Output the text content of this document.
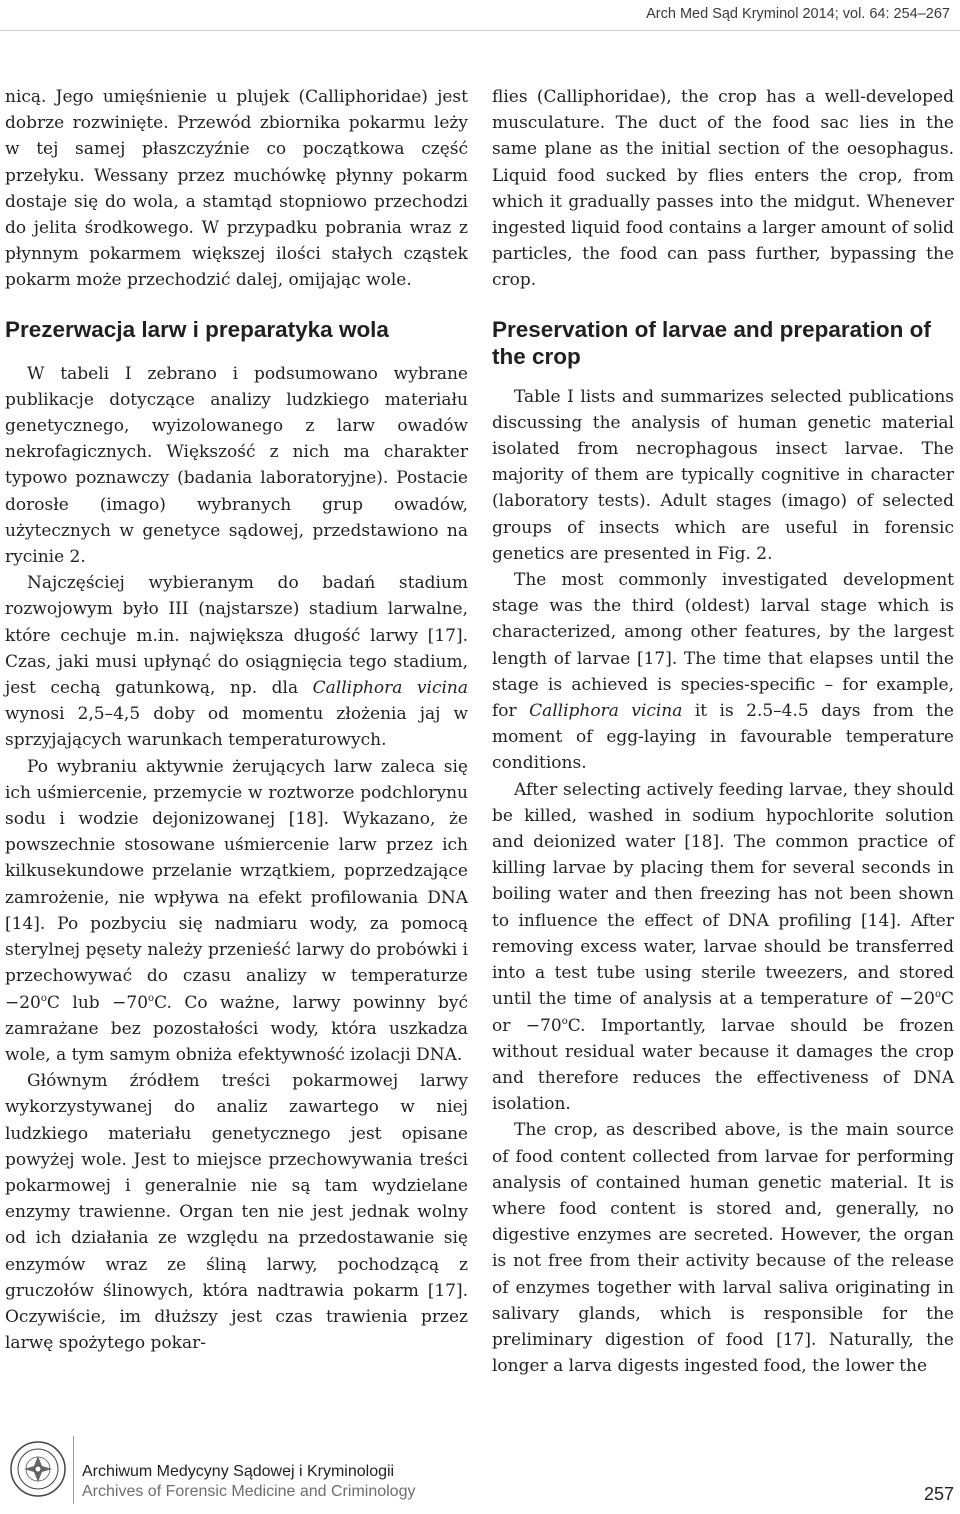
Arch Med Sąd Kryminol 2014; vol. 64: 254–267

nicą. Jego umięśnienie u plujek (Calliphoridae) jest dobrze rozwinięte. Przewód zbiornika pokarmu leży w tej samej płaszczyźnie co początkowa część przełyku. Wessany przez muchówkę płynny pokarm dostaje się do wola, a stamtąd stopniowo przechodzi do jelita środkowego. W przypadku pobrania wraz z płynnym pokarmem większej ilości stałych cząstek pokarm może przechodzić dalej, omijając wole.

Prezerwacja larw i preparatyka wola

W tabeli I zebrano i podsumowano wybrane publikacje dotyczące analizy ludzkiego materiału genetycznego, wyizolowanego z larw owadów nekrofagicznych. Większość z nich ma charakter typowo poznawczy (badania laboratoryjne). Postacie dorosłe (imago) wybranych grup owadów, użytecznych w genetyce sądowej, przedstawiono na rycinie 2.

Najczęściej wybieranym do badań stadium rozwojowym było III (najstarsze) stadium larwalne, które cechuje m.in. największa długość larwy [17]. Czas, jaki musi upłynąć do osiągnięcia tego stadium, jest cechą gatunkową, np. dla Calliphora vicina wynosi 2,5–4,5 doby od momentu złożenia jaj w sprzyjających warunkach temperaturowych.

Po wybraniu aktywnie żerujących larw zaleca się ich uśmiercenie, przemycie w roztworze podchlorynu sodu i wodzie dejonizowanej [18]. Wykazano, że powszechnie stosowane uśmiercenie larw przez ich kilkusekundowe przelanie wrzątkiem, poprzedzające zamrożenie, nie wpływa na efekt profilowania DNA [14]. Po pozbyciu się nadmiaru wody, za pomocą sterylnej pęsety należy przenieść larwy do probówki i przechowywać do czasu analizy w temperaturze $-20^oC$ lub $-70^oC$. Co ważne, larwy powinny być zamrażane bez pozostałości wody, która uszkadza wole, a tym samym obniża efektywność izolacji DNA.

Głównym źródłem treści pokarmowej larwy wykorzystywanej do analiz zawartego w niej ludzkiego materiału genetycznego jest opisane powyżej wole. Jest to miejsce przechowywania treści pokarmowej i generalnie nie są tam wydzielane enzymy trawienne. Organ ten nie jest jednak wolny od ich działania ze względu na przedostawanie się enzymów wraz ze śliną larwy, pochodzącą z gruczołów ślinowych, która nadtrawia pokarm [17]. Oczywiście, im dłuższy jest czas trawienia przez larwę spożytego pokar-

flies (Calliphoridae), the crop has a well-developed musculature. The duct of the food sac lies in the same plane as the initial section of the oesophagus. Liquid food sucked by flies enters the crop, from which it gradually passes into the midgut. Whenever ingested liquid food contains a larger amount of solid particles, the food can pass further, bypassing the crop.

Preservation of larvae and preparation of the crop

Table I lists and summarizes selected publications discussing the analysis of human genetic material isolated from necrophagous insect larvae. The majority of them are typically cognitive in character (laboratory tests). Adult stages (imago) of selected groups of insects which are useful in forensic genetics are presented in Fig. 2.

The most commonly investigated development stage was the third (oldest) larval stage which is characterized, among other features, by the largest length of larvae [17]. The time that elapses until the stage is achieved is species-specific – for example, for Calliphora vicina it is 2.5–4.5 days from the moment of egg-laying in favourable temperature conditions.

After selecting actively feeding larvae, they should be killed, washed in sodium hypochlorite solution and deionized water [18]. The common practice of killing larvae by placing them for several seconds in boiling water and then freezing has not been shown to influence the effect of DNA profiling [14]. After removing excess water, larvae should be transferred into a test tube using sterile tweezers, and stored until the time of analysis at a temperature of $-20^oC$ or $-70^oC$. Importantly, larvae should be frozen without residual water because it damages the crop and therefore reduces the effectiveness of DNA isolation.

The crop, as described above, is the main source of food content collected from larvae for performing analysis of contained human genetic material. It is where food content is stored and, generally, no digestive enzymes are secreted. However, the organ is not free from their activity because of the release of enzymes together with larval saliva originating in salivary glands, which is responsible for the preliminary digestion of food [17]. Naturally, the longer a larva digests ingested food, the lower the

Archiwum Medycyny Sądowej i Kryminologii
Archives of Forensic Medicine and Criminology	257
